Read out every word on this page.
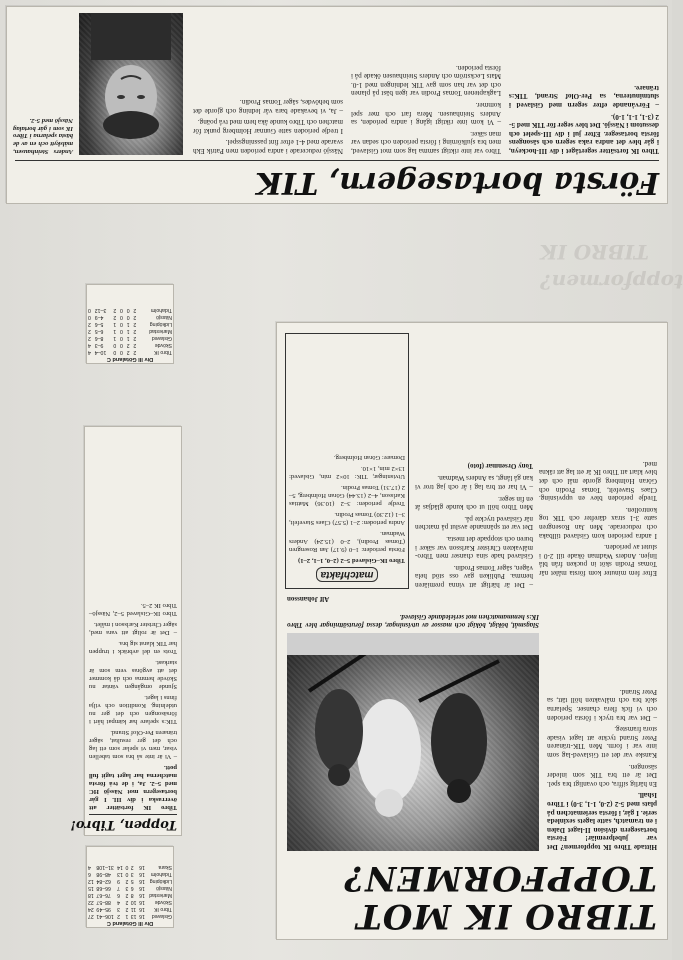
TIBRO IK
toppformen?
Första bortasegern, TIK

Tibro IK fortsätter segertåget i div III-hockeyn, i går blev det andra raka segern och säsongens första bortaseger. Efter jul i div III-spelet och dessutom i Nässjö. Det blev seger för TIK med 5-2 (3-1, 1-1, 1-0).

– Förvånande efter segern med Gislaved i slutminuterna, sa Per-Olof Strand, TIK:s tränare.

Tibro var inte riktigt samma lag som mot Gislaved, men bra sjulkörning i första perioden och sedan var man säker.

– Vi kom inte riktigt igång i andra perioden, sa Anders Steinhausen. Mera fart och mer spel kommer.

Lagkaptenen Tomas Prodin var igen bäst på planen och det var han som gav TIK ledningen med 1-0. Mats Leckström och Anders Steinhausen ökade på i första perioden.

Nässjö reducerade i andra perioden men Patrik Ekh svarade med 4-1 efter fint passningsspel.

I tredje perioden satte Gunnar Holmberg punkt för matchen och Tibro kunde åka hem med två poäng.

– Ja, vi bevakade bara vår ledning och gjorde det som behövdes, säger Tomas Prodin.

Anders Steinhausen, målskytt och en av de bästa spelarna i Tibro IK som i går bortalag Nässjö med 5-2.
Div III Götaland C
Tibro IK	2	2	0	0	10–4	4
Skövde	2	2	0	0	9–3	4
Gislaved	2	1	0	1	8–6	2
Mariestad	2	1	0	1	6–5	2
Lidköping	2	1	0	1	5–6	2
Nässjö	2	0	0	2	4–9	0
Tidaholm	2	0	0	2	3–12	0
TIBRO IK MOT
TOPPFORMEN?

Hittade Tibro IK toppformen? Det var jubelpremiär! Första bortasegern division II-laget Dalen i en tramatch, satte lagets sexinleda serie. I går, i första seriematchen på plats med 5-2 (2-0, 1-1, 3-0) i Tibro Ishall.

En härlig siffra, och ovanligt bra spel. Det är ett bra TIK som inleder säsongen.

Kanske var det ett Gislaved-lag som inte var i form. Men TIK-tränaren Peter Strand tyckte att laget visade stora framsteg.

– Det var bra tryck i första perioden och vi fick flera chanser. Spelarna sköt bra och målvakten höll tätt, sa Peter Strand.

Slagsmål, bökigt, bökigt och massor av utvisningar, dessa förutsättningar blev Tibro IK:s hemmamatchen mot serieledande Gislaved.
Alf Johansson

Efter fem minuter kom första målet när Tomas Prodin sköt in pucken från blå linjen. Anders Wadman ökade till 2-0 i slutet av perioden.

I andra perioden kom Gislaved tillbaka och reducerade. Men Jan Rosengren satte 3-1 strax därefter och TIK tog kontrollen.

Tredje perioden blev en uppvisning. Claes Stavefelt, Tomas Prodin och Göran Holmberg gjorde mål och det blev klart att Tibro IK är ett lag att räkna med.

– Det är härligt att vinna premiären hemma. Publiken gav oss stöd hela vägen, säger Tomas Prodin.

Gislaved hade sina chanser men Tibro-målvakten Christer Karlsson var säker i buren och stoppade det mesta.

Det var ett spännande avslut på matchen när Gislaved tryckte på.

Men Tibro höll ut och kunde glädjas åt en fin seger.

– Vi har ett bra lag i år och jag tror vi kan gå långt, sa Anders Wadman.

Tony Orsenmar (foto)
matchfakta

Tibro IK–Gislaved 5–2 (2–0, 1–1, 2–1)

Första perioden: 1–0 (9.17) Jan Rosengren (Tomas Prodin), 2–0 (15.24) Anders Wadman.

Andra perioden: 2–1 (5.57) Claes Stavefelt, 3–1 (12.30) Tomas Prodin.

Tredje perioden: 3–2 (10.36) Mattias Karlsson, 4–2 (13.44) Göran Holmberg, 5–2 (17.31) Tomas Prodin.

Utvisningar, TIK: 10×2 min, Gislaved: 13×2 min, 1×10.

Domare: Göran Holmberg.

Toppen, Tibro!

Tibro IK fortsätter att överraska i div III. I går bortasegern mot Nässjö HC med 5–2. Ja, i de två första matcherna har laget tagit full pott.

– Vi är inte så bra som tabellen visar, men vi spelar som ett lag och det ger resultat, säger tränaren Per-Olof Strand.

TIK:s spelare har kämpat hårt i försäsongen och det ger nu utdelning. Kondition och vilja finns i laget.

Sjunde omgången väntar nu Skövde hemma och då kommer det att avgöras vem som är starkast.

Trots en del avbräck i truppen har TIK klarat sig bra.

– Det är roligt att vara med, säger Christer Karlsson i målet.

Tibro IK–Gislaved 5–2, Nässjö–Tibro IK 2–5.

Div III Götaland C
Gislaved	16	13	1	2	106–41	27
Tibro IK	16	11	2	3	95–49	24
Skövde	16	10	2	4	88–57	22
Mariestad	16	8	2	6	76–67	18
Nässjö	16	6	3	7	66–68	15
Lidköping	16	5	2	9	62–84	12
Tidaholm	16	3	0	13	48–98	6
Skara	16	2	0	14	31–108	4
